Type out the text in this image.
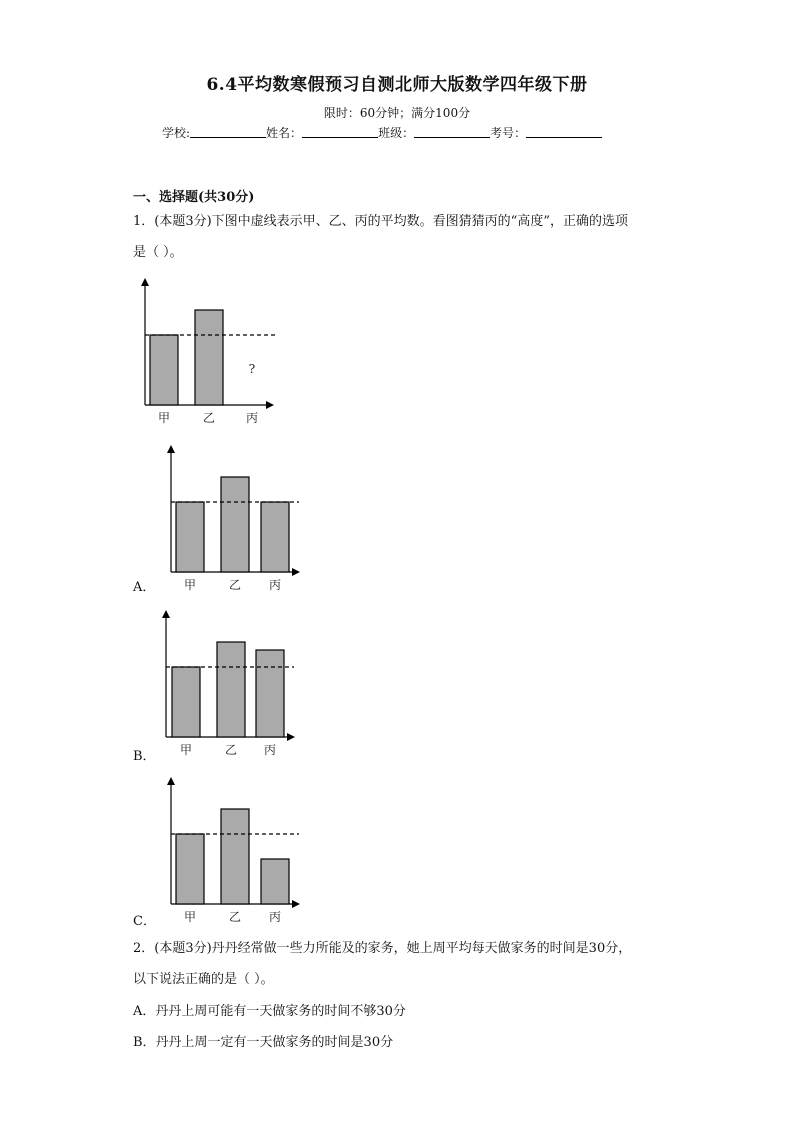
6.4平均数寒假预习自测北师大版数学四年级下册
限时：60分钟；满分100分
学校:	姓名：	班级：	考号：
一、选择题(共30分)
1．(本题3分)下图中虚线表示甲、乙、丙的平均数。看图猜猜丙的“高度”，正确的选项
是（ ）。
甲	乙
?
丙
甲	乙 丙
甲	乙 丙
甲	乙 丙
A．
B．
C．
2．(本题3分)丹丹经常做一些力所能及的家务，她上周平均每天做家务的时间是30分，
以下说法正确的是（ ）。
A．丹丹上周可能有一天做家务的时间不够30分
B．丹丹上周一定有一天做家务的时间是30分
